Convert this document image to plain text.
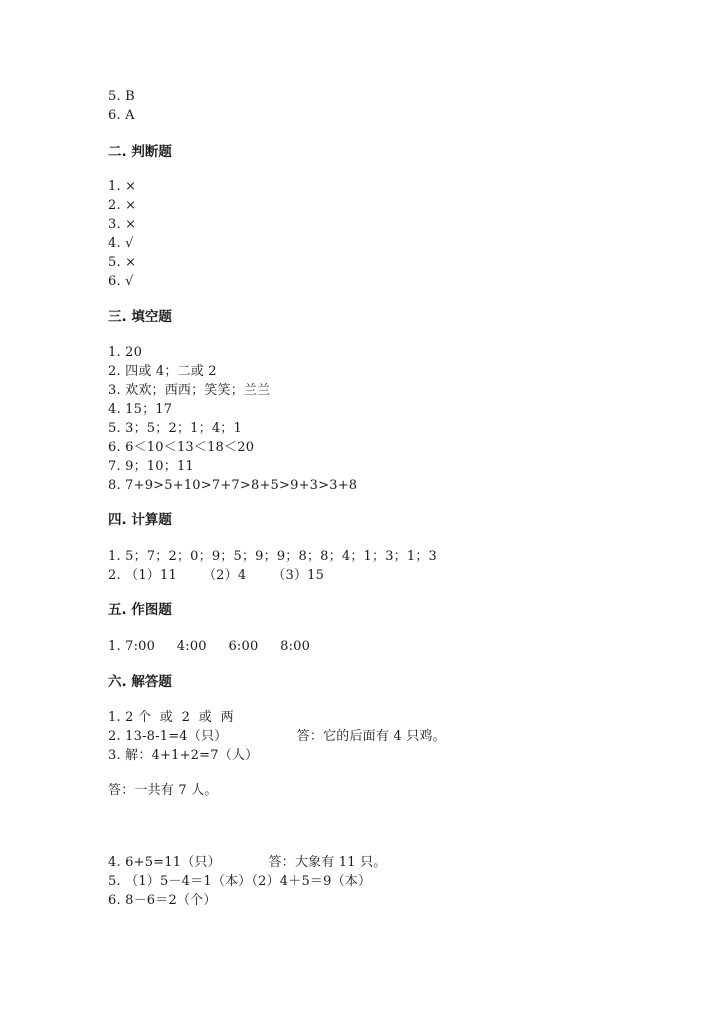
5. B
6. A
二. 判断题
1. ×
2. ×
3. ×
4. √
5. ×
6. √
三. 填空题
1. 20
2. 四或 4；二或 2
3. 欢欢；西西；笑笑；兰兰
4. 15；17
5. 3；5；2；1；4；1
6. 6＜10＜13＜18＜20
7. 9；10；11
8. 7+9>5+10>7+7>8+5>9+3>3+8
四. 计算题
1. 5；7；2；0；9；5；9；9；8；8；4；1；3；1；3
2. （1）11      （2）4      （3）15
五. 作图题
1. 7:00     4:00     6:00     8:00
六. 解答题
1. 2 个  或  2  或  两
2. 13-8-1=4（只）                答：它的后面有 4 只鸡。
3. 解：4+1+2=7（人）
答：一共有 7 人。
4. 6+5=11（只）           答：大象有 11 只。
5. （1）5－4＝1（本）（2）4＋5＝9（本）
6. 8－6＝2（个）
